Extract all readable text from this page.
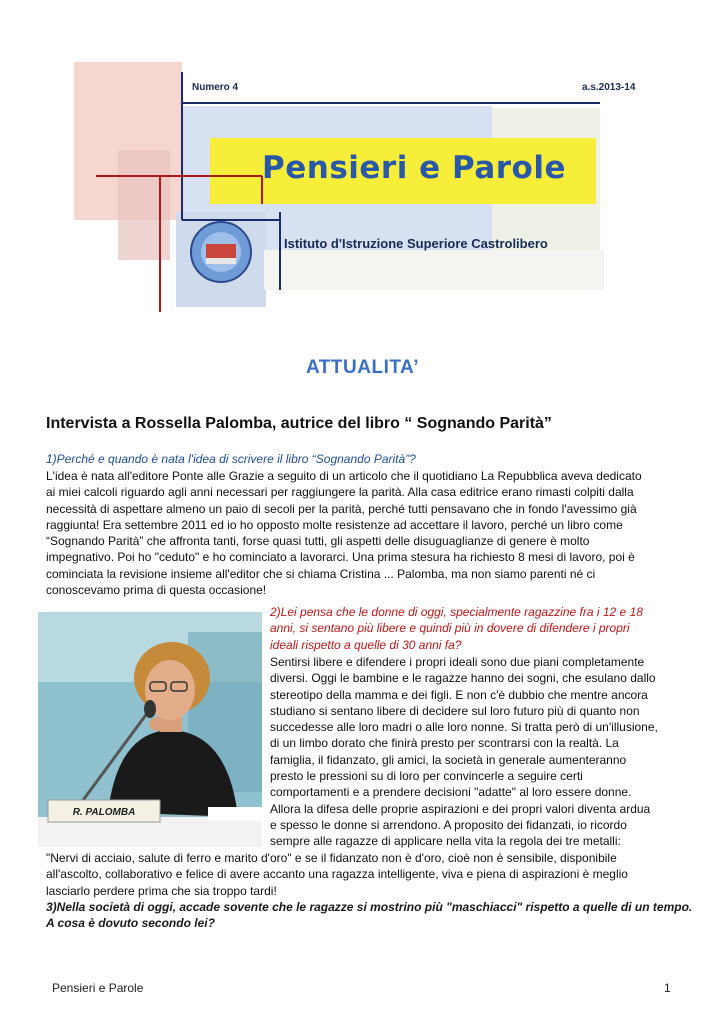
Numero 4	a.s.2013-14
Pensieri e Parole
Istituto d'Istruzione Superiore Castrolibero
ATTUALITA’
Intervista a Rossella Palomba, autrice del libro “ Sognando Parità”
1)Perché e quando è nata l'idea di scrivere il libro “Sognando Parità”?
L'idea è nata all'editore Ponte alle Grazie a seguito di un articolo che il quotidiano La Repubblica aveva dedicato
ai miei calcoli riguardo agli anni necessari per raggiungere la parità. Alla casa editrice erano rimasti colpiti dalla
necessità di aspettare almeno un paio di secoli per la parità, perché tutti pensavano che in fondo l'avessimo già
raggiunta! Era settembre 2011 ed io ho opposto molte resistenze ad accettare il lavoro, perché un libro come
“Sognando Parità” che affronta tanti, forse quasi tutti, gli aspetti delle disuguaglianze di genere è molto
impegnativo. Poi ho "ceduto" e ho cominciato a lavorarci. Una prima stesura ha richiesto 8 mesi di lavoro, poi è
cominciata la revisione insieme all'editor che si chiama Cristina ... Palomba, ma non siamo parenti né ci
conoscevamo prima di questa occasione!
R. PALOMBA
2)Lei pensa che le donne di oggi, specialmente ragazzine fra i 12 e 18
anni, si sentano più libere e quindi più in dovere di difendere i propri
ideali rispetto a quelle di 30 anni fa?
Sentirsi libere e difendere i propri ideali sono due piani completamente
diversi. Oggi le bambine e le ragazze hanno dei sogni, che esulano dallo
stereotipo della mamma e dei figli. E non c'è dubbio che mentre ancora
studiano si sentano libere di decidere sul loro futuro più di quanto non
succedesse alle loro madri o alle loro nonne. Si tratta però di un'illusione,
di un limbo dorato che finirà presto per scontrarsi con la realtà. La
famiglia, il fidanzato, gli amici, la società in generale aumenteranno
presto le pressioni su di loro per convincerle a seguire certi
comportamenti e a prendere decisioni "adatte" al loro essere donne.
Allora la difesa delle proprie aspirazioni e dei propri valori diventa ardua
e spesso le donne si arrendono. A proposito dei fidanzati, io ricordo
sempre alle ragazze di applicare nella vita la regola dei tre metalli:
"Nervi di acciaio, salute di ferro e marito d'oro" e se il fidanzato non è d'oro, cioè non è sensibile, disponibile
all'ascolto, collaborativo e felice di avere accanto una ragazza intelligente, viva e piena di aspirazioni è meglio
lasciarlo perdere prima che sia troppo tardi!
3)Nella società di oggi, accade sovente che le ragazze si mostrino più "maschiacci" rispetto a quelle di un tempo.
A cosa è dovuto secondo lei?
Pensieri e Parole	1
